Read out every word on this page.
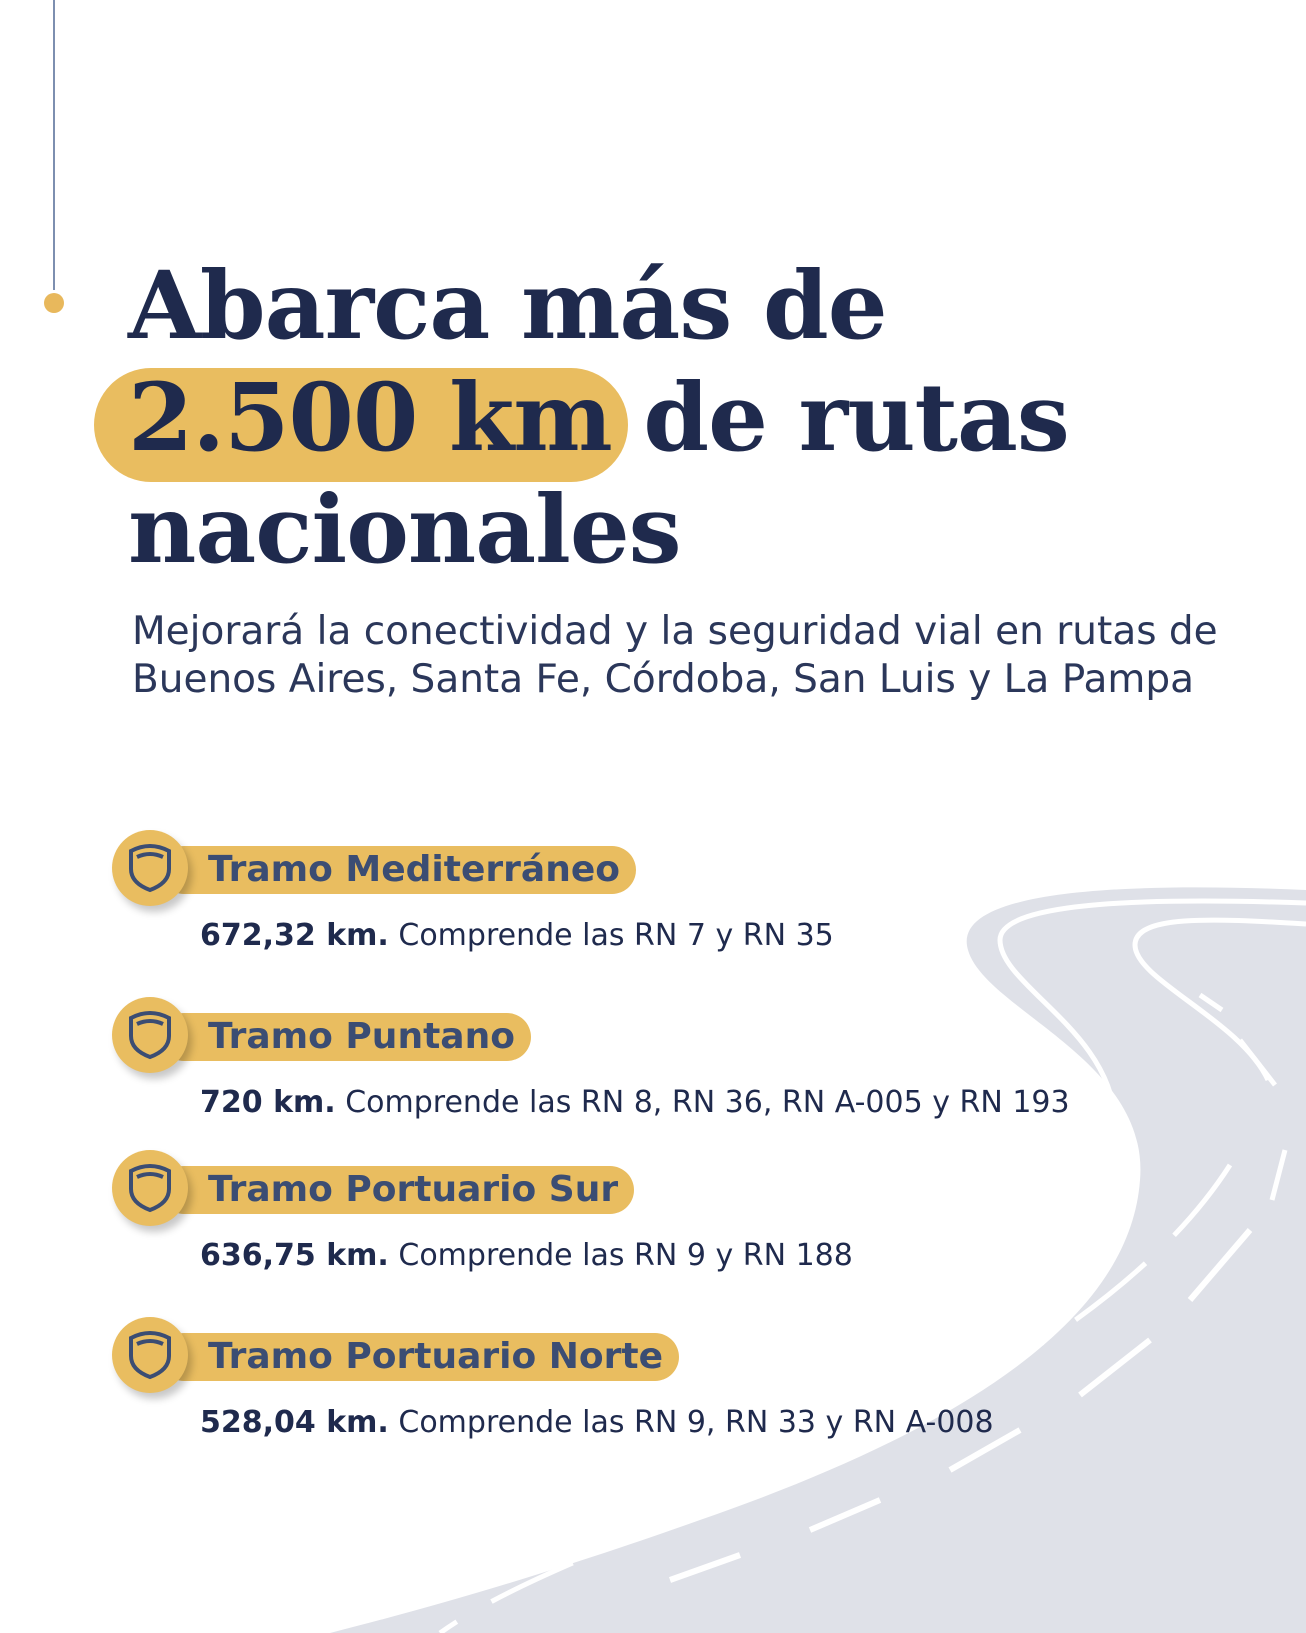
Abarca más de
2.500 km de rutas
nacionales

Mejorará la conectividad y la seguridad vial en rutas de Buenos Aires, Santa Fe, Córdoba, San Luis y La Pampa

Tramo Mediterráneo

672,32 km. Comprende las RN 7 y RN 35

Tramo Puntano

720 km. Comprende las RN 8, RN 36, RN A-005 y RN 193

Tramo Portuario Sur

636,75 km. Comprende las RN 9 y RN 188

Tramo Portuario Norte

528,04 km. Comprende las RN 9, RN 33 y RN A-008
